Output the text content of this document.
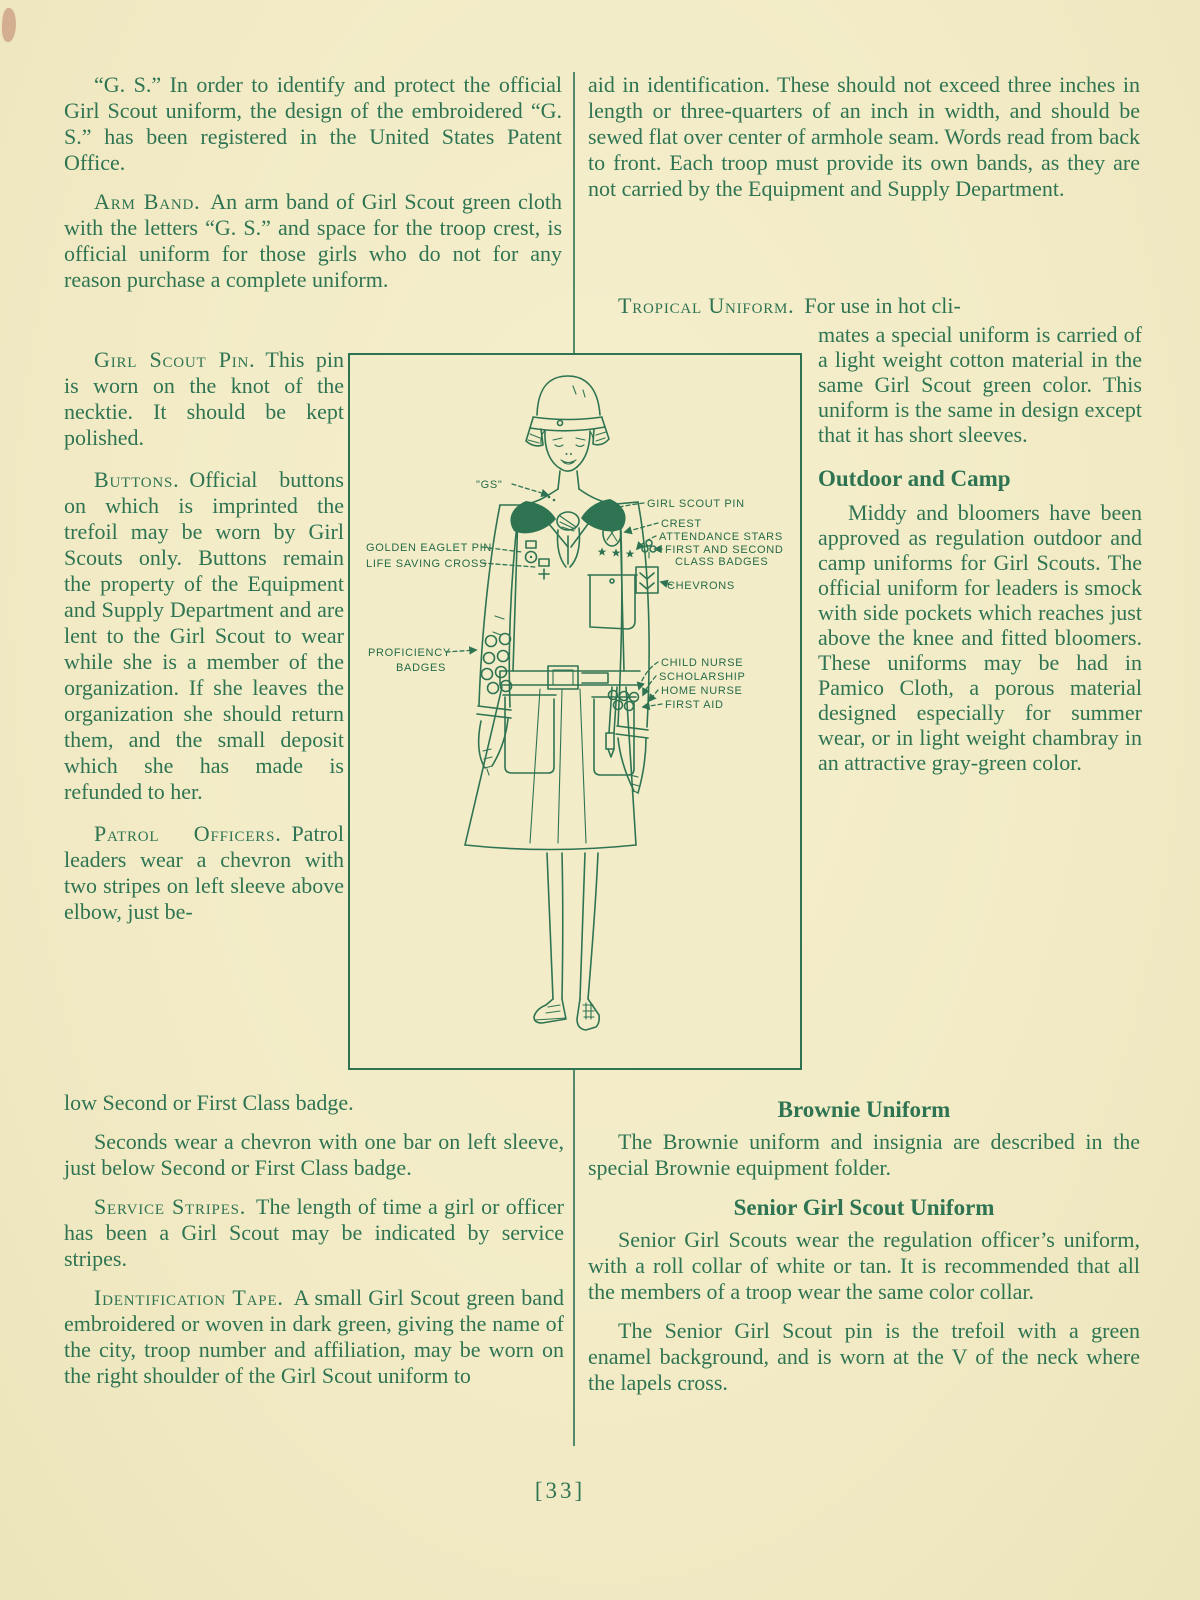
“G. S.” In order to identify and protect the official Girl Scout uniform, the design of the embroidered “G. S.” has been registered in the United States Patent Office.

Arm Band. An arm band of Girl Scout green cloth with the letters “G. S.” and space for the troop crest, is official uniform for those girls who do not for any reason purchase a complete uniform.

Girl Scout Pin. This pin is worn on the knot of the necktie. It should be kept polished.

Buttons. Official buttons on which is imprinted the trefoil may be worn by Girl Scouts only. Buttons remain the property of the Equipment and Supply Department and are lent to the Girl Scout to wear while she is a member of the organization. If she leaves the organization she should return them, and the small deposit which she has made is refunded to her.

Patrol Officers. Patrol leaders wear a chevron with two stripes on left sleeve above elbow, just be-

low Second or First Class badge.

Seconds wear a chevron with one bar on left sleeve, just below Second or First Class badge.

Service Stripes. The length of time a girl or officer has been a Girl Scout may be indicated by service stripes.

Identification Tape. A small Girl Scout green band embroidered or woven in dark green, giving the name of the city, troop number and affiliation, may be worn on the right shoulder of the Girl Scout uniform to

aid in identification. These should not exceed three inches in length or three-quarters of an inch in width, and should be sewed flat over center of armhole seam. Words read from back to front. Each troop must provide its own bands, as they are not carried by the Equipment and Supply Department.

Tropical Uniform. For use in hot cli-

mates a special uniform is carried of a light weight cotton material in the same Girl Scout green color. This uniform is the same in design except that it has short sleeves.

Outdoor and Camp

Middy and bloomers have been approved as regulation outdoor and camp uniforms for Girl Scouts. The official uniform for leaders is smock with side pockets which reaches just above the knee and fitted bloomers. These uniforms may be had in Pamico Cloth, a porous material designed especially for summer wear, or in light weight chambray in an attractive gray-green color.

Brownie Uniform

The Brownie uniform and insignia are described in the special Brownie equipment folder.

Senior Girl Scout Uniform

Senior Girl Scouts wear the regulation officer’s uniform, with a roll collar of white or tan. It is recommended that all the members of a troop wear the same color collar.

The Senior Girl Scout pin is the trefoil with a green enamel background, and is worn at the V of the neck where the lapels cross.

"GS"
GIRL SCOUT PIN
CREST
ATTENDANCE STARS
FIRST AND SECOND
CLASS BADGES
CHEVRONS
GOLDEN EAGLET PIN
LIFE SAVING CROSS
PROFICIENCY
BADGES	CHILD NURSE
SCHOLARSHIP
HOME NURSE
FIRST AID
[33]
